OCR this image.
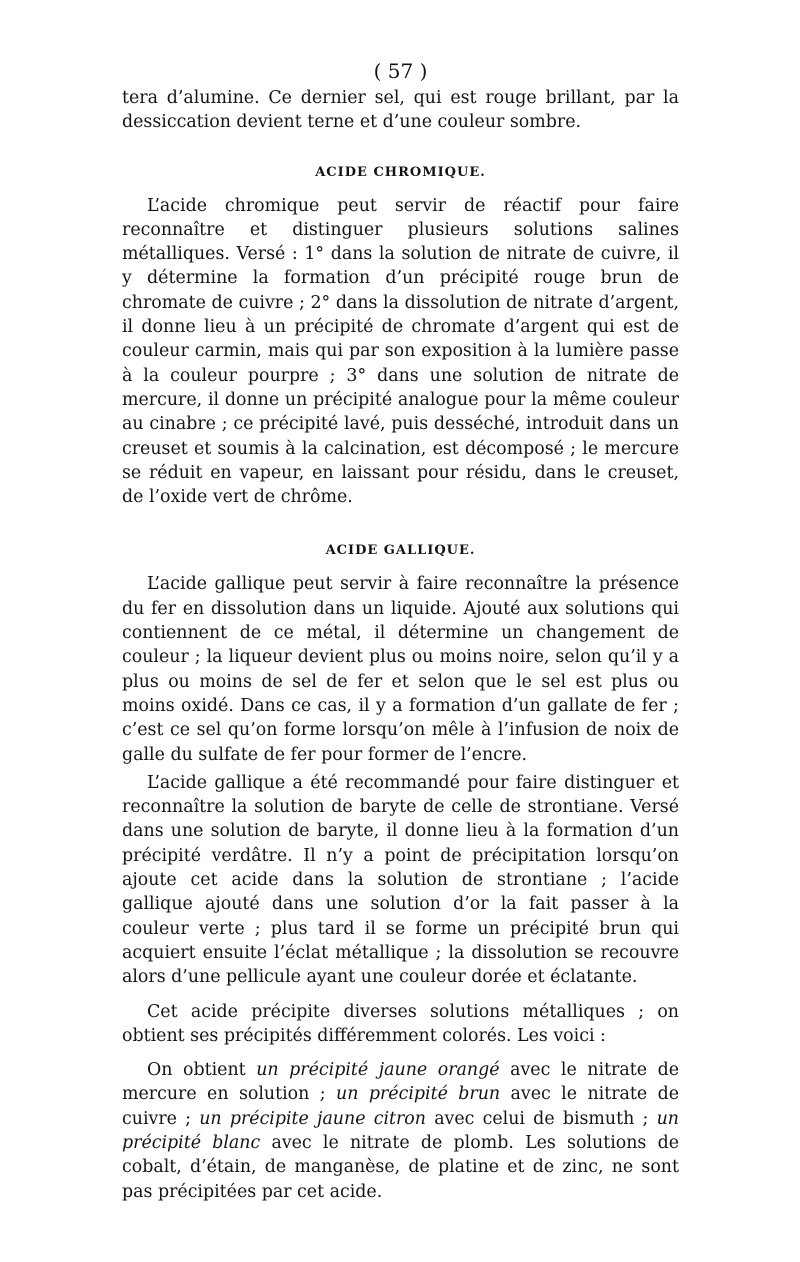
( 57 )

tera d’alumine. Ce dernier sel, qui est rouge brillant, par la dessiccation devient terne et d’une couleur sombre.

ACIDE CHROMIQUE.

L’acide chromique peut servir de réactif pour faire reconnaître et distinguer plusieurs solutions salines métalliques. Versé : 1° dans la solution de nitrate de cuivre, il y détermine la formation d’un précipité rouge brun de chromate de cuivre ; 2° dans la dissolution de nitrate d’argent, il donne lieu à un précipité de chromate d’argent qui est de couleur carmin, mais qui par son exposition à la lumière passe à la couleur pourpre ; 3° dans une solution de nitrate de mercure, il donne un précipité analogue pour la même couleur au cinabre ; ce précipité lavé, puis desséché, introduit dans un creuset et soumis à la calcination, est décomposé ; le mercure se réduit en vapeur, en laissant pour résidu, dans le creuset, de l’oxide vert de chrôme.

ACIDE GALLIQUE.

L’acide gallique peut servir à faire reconnaître la présence du fer en dissolution dans un liquide. Ajouté aux solutions qui contiennent de ce métal, il détermine un changement de couleur ; la liqueur devient plus ou moins noire, selon qu’il y a plus ou moins de sel de fer et selon que le sel est plus ou moins oxidé. Dans ce cas, il y a formation d’un gallate de fer ; c’est ce sel qu’on forme lorsqu’on mêle à l’infusion de noix de galle du sulfate de fer pour former de l’encre.

L’acide gallique a été recommandé pour faire distinguer et reconnaître la solution de baryte de celle de strontiane. Versé dans une solution de baryte, il donne lieu à la formation d’un précipité verdâtre. Il n’y a point de précipitation lorsqu’on ajoute cet acide dans la solution de strontiane ; l’acide gallique ajouté dans une solution d’or la fait passer à la couleur verte ; plus tard il se forme un précipité brun qui acquiert ensuite l’éclat métallique ; la dissolution se recouvre alors d’une pellicule ayant une couleur dorée et éclatante.

Cet acide précipite diverses solutions métalliques ; on obtient ses précipités différemment colorés. Les voici :

On obtient un précipité jaune orangé avec le nitrate de mercure en solution ; un précipité brun avec le nitrate de cuivre ; un précipite jaune citron avec celui de bismuth ; un précipité blanc avec le nitrate de plomb. Les solutions de cobalt, d’étain, de manganèse, de platine et de zinc, ne sont pas précipitées par cet acide.
